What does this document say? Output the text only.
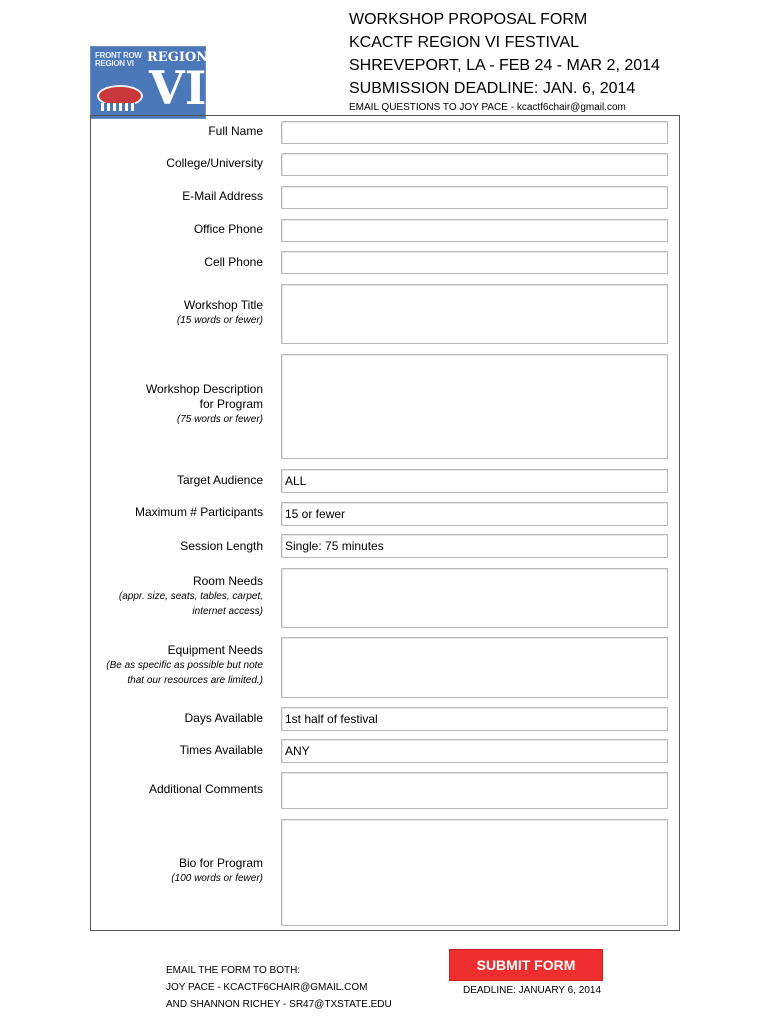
FRONT ROW REGION VI	REGION
VI
WORKSHOP PROPOSAL FORM
KCACTF REGION VI FESTIVAL
SHREVEPORT, LA - FEB 24 - MAR 2, 2014
SUBMISSION DEADLINE: JAN. 6, 2014
EMAIL QUESTIONS TO JOY PACE - kcactf6chair@gmail.com
Full Name
College/University
E-Mail Address
Office Phone
Cell Phone
Workshop Title
(15 words or fewer)
Workshop Description
for Program
(75 words or fewer)
Target Audience
Maximum # Participants
Session Length
Room Needs
(appr. size, seats, tables, carpet,
internet access)
Equipment Needs
(Be as specific as possible but note
that our resources are limited.)
Days Available
Times Available
Additional Comments
Bio for Program
(100 words or fewer)
ALL
15 or fewer
Single: 75 minutes
1st half of festival
ANY
SUBMIT FORM
EMAIL THE FORM TO BOTH:
JOY PACE - KCACTF6CHAIR@GMAIL.COM
AND SHANNON RICHEY - SR47@TXSTATE.EDU
DEADLINE: JANUARY 6, 2014
